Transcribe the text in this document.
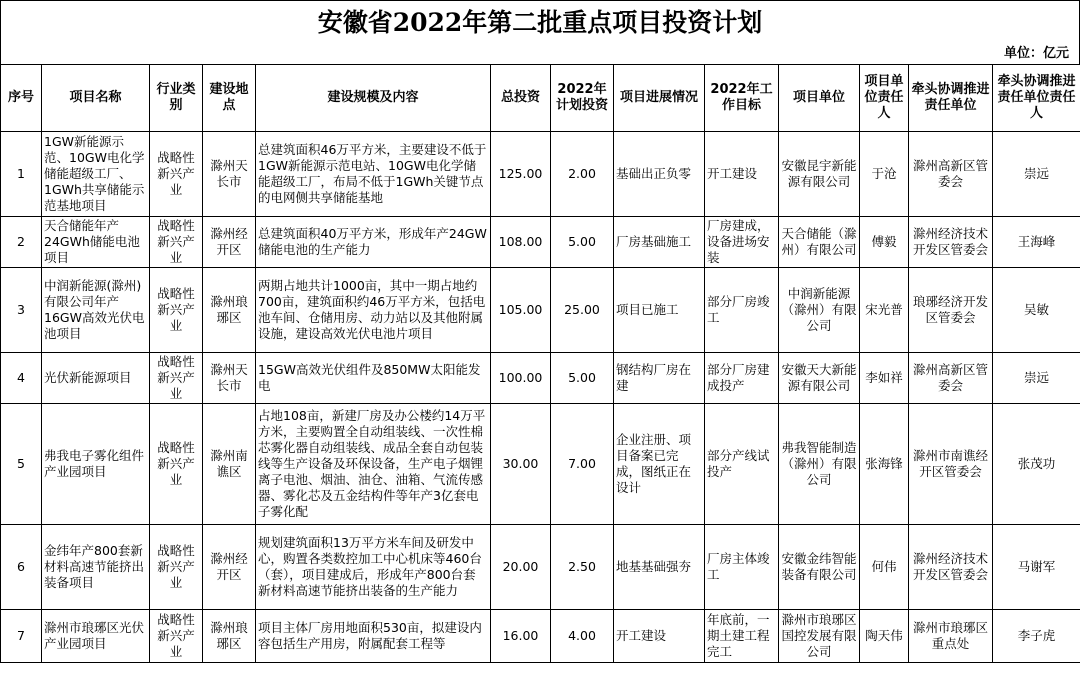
安徽省2022年第二批重点项目投资计划
单位：亿元
序号	项目名称	行业类别	建设地点	建设规模及内容	总投资	2022年计划投资	项目进展情况	2022年工作目标	项目单位	项目单位责任人	牵头协调推进责任单位	牵头协调推进责任单位责任人
1	1GW新能源示范、10GW电化学储能超级工厂、1GWh共享储能示范基地项目	战略性新兴产业	滁州天长市	总建筑面积46万平方米，主要建设不低于1GW新能源示范电站、10GW电化学储能超级工厂，布局不低于1GWh关键节点的电网侧共享储能基地	125.00	2.00	基础出正负零	开工建设	安徽昆宇新能源有限公司	于沧	滁州高新区管委会	崇远
2	天合储能年产24GWh储能电池项目	战略性新兴产业	滁州经开区	总建筑面积40万平方米，形成年产24GW储能电池的生产能力	108.00	5.00	厂房基础施工	厂房建成，设备进场安装	天合储能（滁州）有限公司	傅毅	滁州经济技术开发区管委会	王海峰
3	中润新能源(滁州)有限公司年产16GW高效光伏电池项目	战略性新兴产业	滁州琅琊区	两期占地共计1000亩，其中一期占地约700亩，建筑面积约46万平方米，包括电池车间、仓储用房、动力站以及其他附属设施，建设高效光伏电池片项目	105.00	25.00	项目已施工	部分厂房竣工	中润新能源（滁州）有限公司	宋光普	琅琊经济开发区管委会	吴敏
4	光伏新能源项目	战略性新兴产业	滁州天长市	15GW高效光伏组件及850MW太阳能发电	100.00	5.00	钢结构厂房在建	部分厂房建成投产	安徽天大新能源有限公司	李如祥	滁州高新区管委会	崇远
5	弗我电子雾化组件产业园项目	战略性新兴产业	滁州南谯区	占地108亩，新建厂房及办公楼约14万平方米，主要购置全自动组装线、一次性棉芯雾化器自动组装线、成品全套自动包装线等生产设备及环保设备，生产电子烟锂离子电池、烟油、油仓、油箱、气流传感器、雾化芯及五金结构件等年产3亿套电子雾化配	30.00	7.00	企业注册、项目备案已完成，图纸正在设计	部分产线试投产	弗我智能制造（滁州）有限公司	张海锋	滁州市南谯经开区管委会	张茂功
6	金纬年产800套新材料高速节能挤出装备项目	战略性新兴产业	滁州经开区	规划建筑面积13万平方米车间及研发中心，购置各类数控加工中心机床等460台（套），项目建成后，形成年产800台套新材料高速节能挤出装备的生产能力	20.00	2.50	地基基础强夯	厂房主体竣工	安徽金纬智能装备有限公司	何伟	滁州经济技术开发区管委会	马谢军
7	滁州市琅琊区光伏产业园项目	战略性新兴产业	滁州琅琊区	项目主体厂房用地面积530亩，拟建设内容包括生产用房，附属配套工程等	16.00	4.00	开工建设	年底前，一期土建工程完工	滁州市琅琊区国控发展有限公司	陶天伟	滁州市琅琊区重点处	李子虎
